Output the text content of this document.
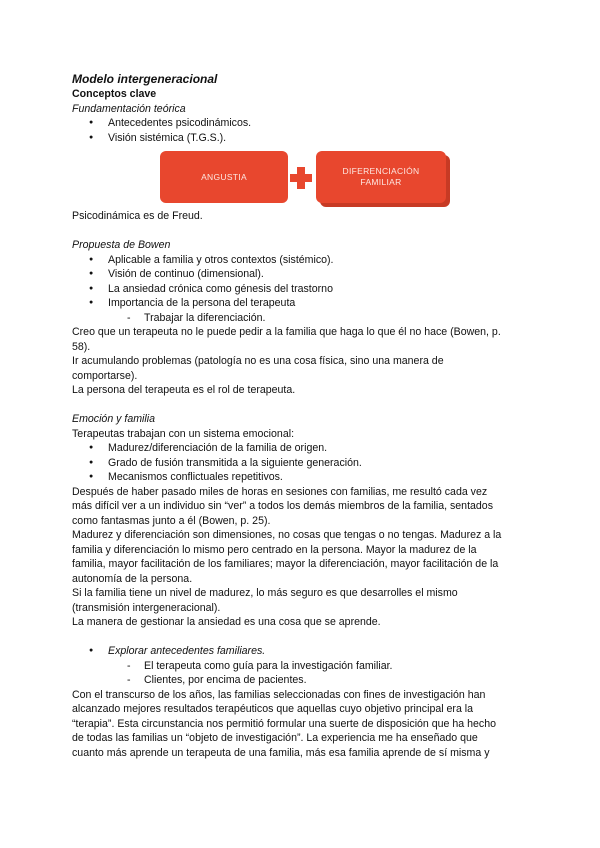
Modelo intergeneracional
Conceptos clave
Fundamentación teórica
● Antecedentes psicodinámicos.
● Visión sistémica (T.G.S.).
ANGUSTIA
DIFERENCIACIÓN
FAMILIAR

Psicodinámica es de Freud.

Propuesta de Bowen
● Aplicable a familia y otros contextos (sistémico).
● Visión de continuo (dimensional).
● La ansiedad crónica como génesis del trastorno
● Importancia de la persona del terapeuta
- Trabajar la diferenciación.

Creo que un terapeuta no le puede pedir a la familia que haga lo que él no hace (Bowen, p.
58).

Ir acumulando problemas (patología no es una cosa física, sino una manera de
comportarse).

La persona del terapeuta es el rol de terapeuta.

Emoción y familia

Terapeutas trabajan con un sistema emocional:

● Madurez/diferenciación de la familia de origen.
● Grado de fusión transmitida a la siguiente generación.
● Mecanismos conflictuales repetitivos.

Después de haber pasado miles de horas en sesiones con familias, me resultó cada vez
más difícil ver a un individuo sin “ver” a todos los demás miembros de la familia, sentados
como fantasmas junto a él (Bowen, p. 25).

Madurez y diferenciación son dimensiones, no cosas que tengas o no tengas. Madurez a la
familia y diferenciación lo mismo pero centrado en la persona. Mayor la madurez de la
familia, mayor facilitación de los familiares; mayor la diferenciación, mayor facilitación de la
autonomía de la persona.

Si la familia tiene un nivel de madurez, lo más seguro es que desarrolles el mismo
(transmisión intergeneracional).

La manera de gestionar la ansiedad es una cosa que se aprende.

● Explorar antecedentes familiares.
- El terapeuta como guía para la investigación familiar.
- Clientes, por encima de pacientes.

Con el transcurso de los años, las familias seleccionadas con fines de investigación han
alcanzado mejores resultados terapéuticos que aquellas cuyo objetivo principal era la
“terapia”. Esta circunstancia nos permitió formular una suerte de disposición que ha hecho
de todas las familias un “objeto de investigación”. La experiencia me ha enseñado que
cuanto más aprende un terapeuta de una familia, más esa familia aprende de sí misma y
